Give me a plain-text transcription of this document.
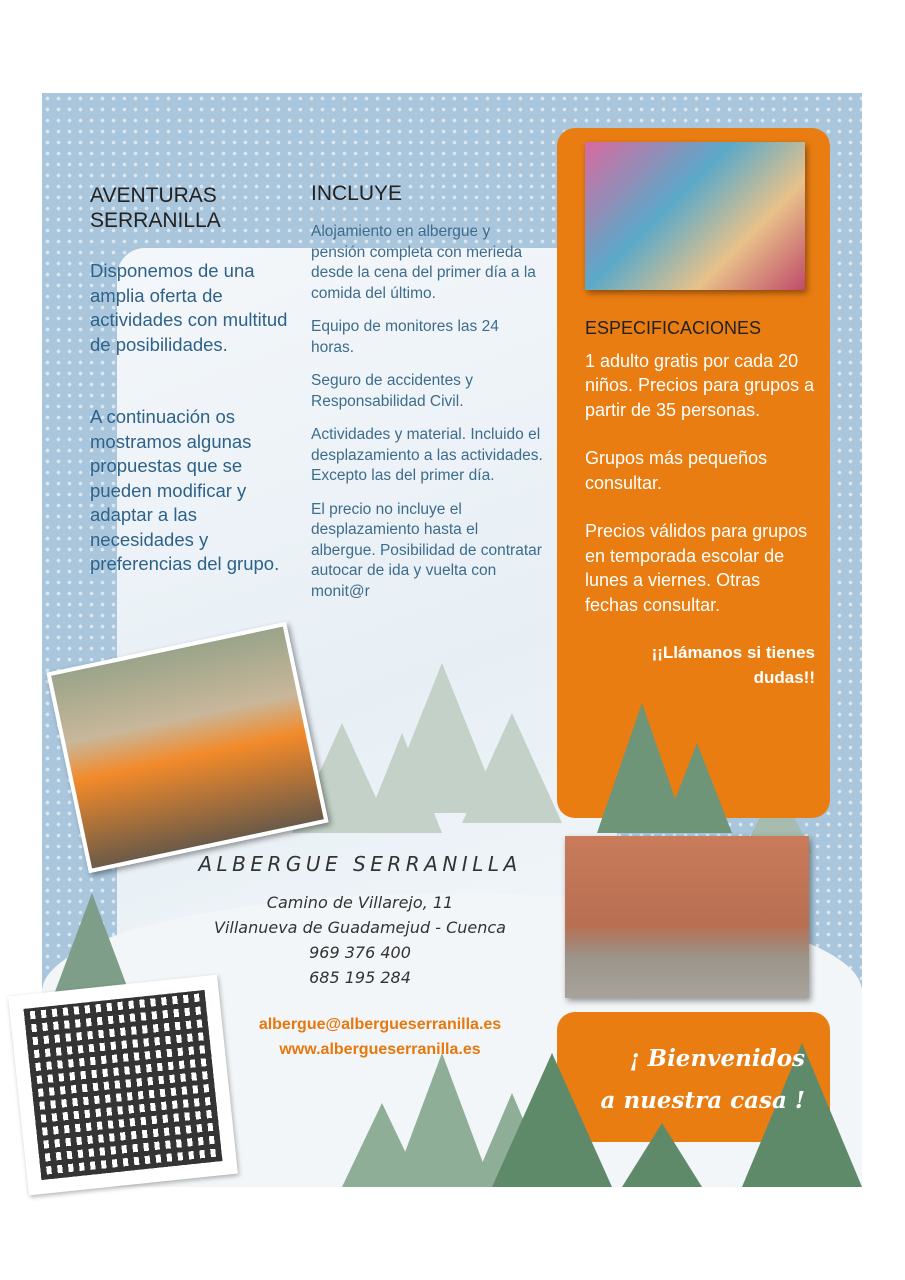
AVENTURAS SERRANILLA

Disponemos de una amplia oferta de actividades con multitud de posibilidades.

A continuación os mostramos algunas propuestas que se pueden modificar y adaptar a las necesidades y preferencias del grupo.

INCLUYE

Alojamiento en albergue y pensión completa con merieda desde la cena del primer día a la comida del último.

Equipo de monitores las 24 horas.

Seguro de accidentes y Responsabilidad Civil.

Actividades y material. Incluido el desplazamiento a las actividades. Excepto las del primer día.

El precio no incluye el desplazamiento hasta el albergue. Posibilidad de contratar autocar de ida y vuelta con monit@r

ESPECIFICACIONES

1 adulto gratis por cada 20 niños. Precios para grupos a partir de 35 personas.

Grupos más pequeños consultar.

Precios válidos para grupos en temporada escolar de lunes a viernes. Otras fechas consultar.

¡¡Llámanos si tienes dudas!!

ALBERGUE SERRANILLA

Camino de Villarejo, 11

Villanueva de Guadamejud - Cuenca

969 376 400

685 195 284

albergue@albergueserranilla.es

www.albergueserranilla.es	¡ Bienvenidos

a nuestra casa !
